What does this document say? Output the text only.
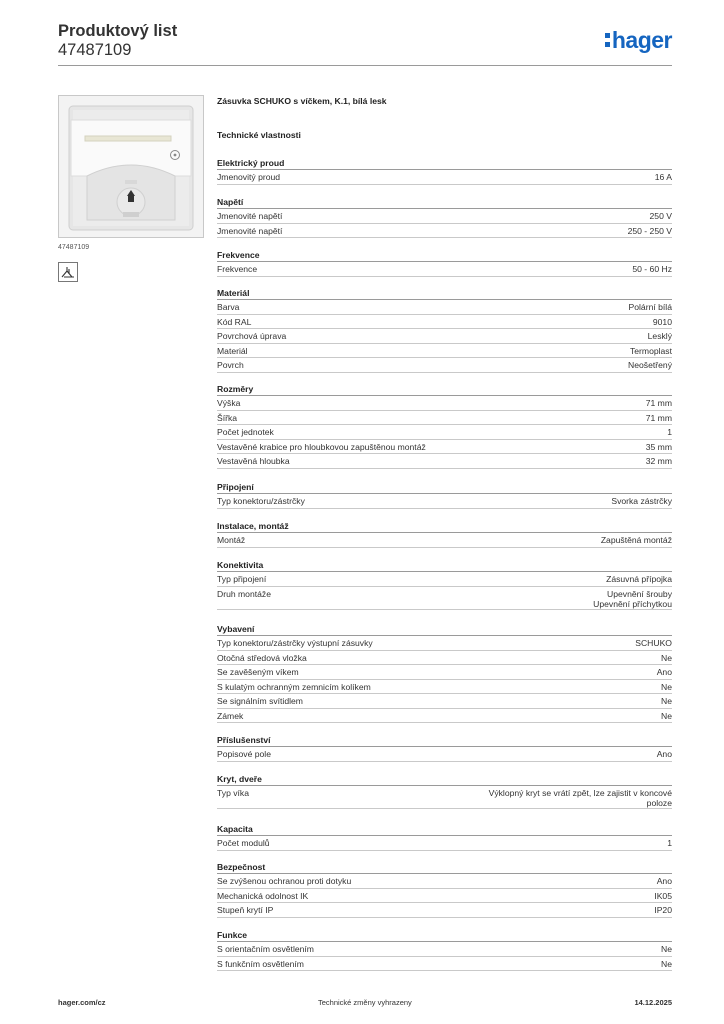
Produktový list
47487109	hager
47487109
Zásuvka SCHUKO s víčkem, K.1, bílá lesk
Technické vlastnosti
Elektrický proud
Jmenovitý proud	16 A
Napětí
Jmenovité napětí	250 V
Jmenovité napětí	250 - 250 V
Frekvence
Frekvence	50 - 60 Hz
Materiál
Barva	Polární bílá
Kód RAL	9010
Povrchová úprava	Lesklý
Materiál	Termoplast
Povrch	Neošetřený
Rozměry
Výška	71 mm
Šířka	71 mm
Počet jednotek	1
Vestavěné krabice pro hloubkovou zapuštěnou montáž	35 mm
Vestavěná hloubka	32 mm
Připojení
Typ konektoru/zástrčky	Svorka zástrčky
Instalace, montáž
Montáž	Zapuštěná montáž
Konektivita
Typ připojení	Zásuvná přípojka
Druh montáže	Upevnění šrouby
Upevnění příchytkou
Vybavení
Typ konektoru/zástrčky výstupní zásuvky	SCHUKO
Otočná středová vložka	Ne
Se zavěšeným víkem	Ano
S kulatým ochranným zemnicím kolíkem	Ne
Se signálním svítidlem	Ne
Zámek	Ne
Příslušenství
Popisové pole	Ano
Kryt, dveře
Typ víka	Výklopný kryt se vrátí zpět, lze zajistit v koncové
poloze
Kapacita
Počet modulů	1
Bezpečnost
Se zvýšenou ochranou proti dotyku	Ano
Mechanická odolnost IK	IK05
Stupeň krytí IP	IP20
Funkce
S orientačním osvětlením	Ne
S funkčním osvětlením	Ne
hager.com/cz	Technické změny vyhrazeny	14.12.2025
